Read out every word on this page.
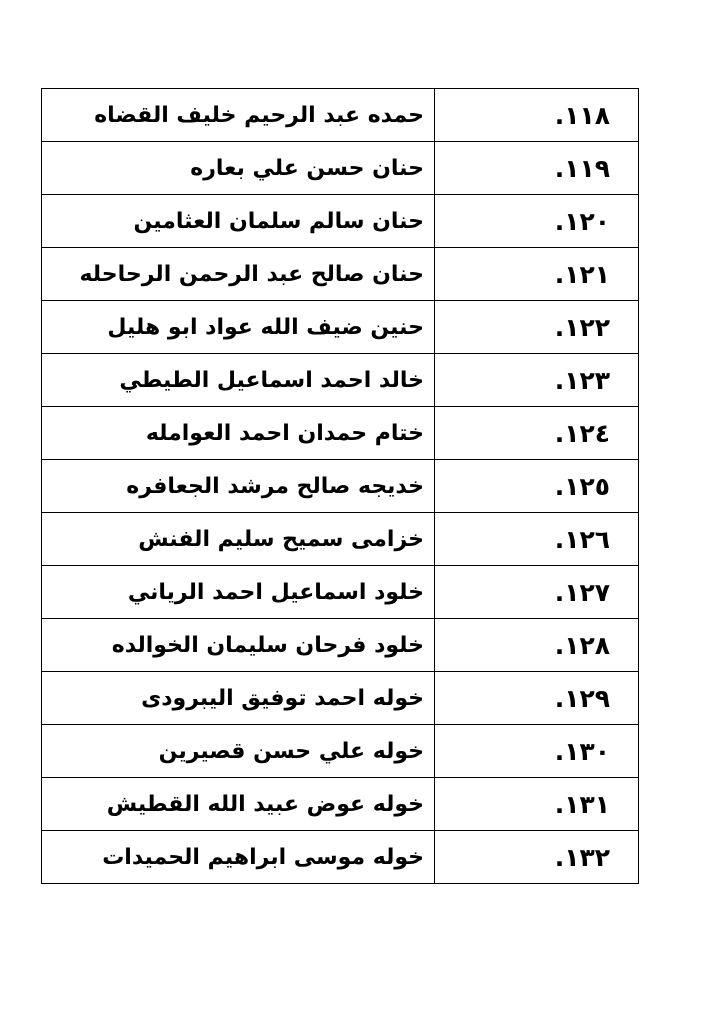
١١٨.	حمده عبد الرحيم خليف القضاه
١١٩.	حنان حسن علي بعاره
١٢٠.	حنان سالم سلمان العثامين
١٢١.	حنان صالح عبد الرحمن الرحاحله
١٢٢.	حنين ضيف الله عواد ابو هليل
١٢٣.	خالد احمد اسماعيل الطيطي
١٢٤.	ختام حمدان احمد العوامله
١٢٥.	خديجه صالح مرشد الجعافره
١٢٦.	خزامى سميح سليم الفنش
١٢٧.	خلود اسماعيل احمد الرياني
١٢٨.	خلود فرحان سليمان الخوالده
١٢٩.	خوله احمد توفيق اليبرودى
١٣٠.	خوله علي حسن قصيرين
١٣١.	خوله عوض عبيد الله القطيش
١٣٢.	خوله موسى ابراهيم الحميدات
